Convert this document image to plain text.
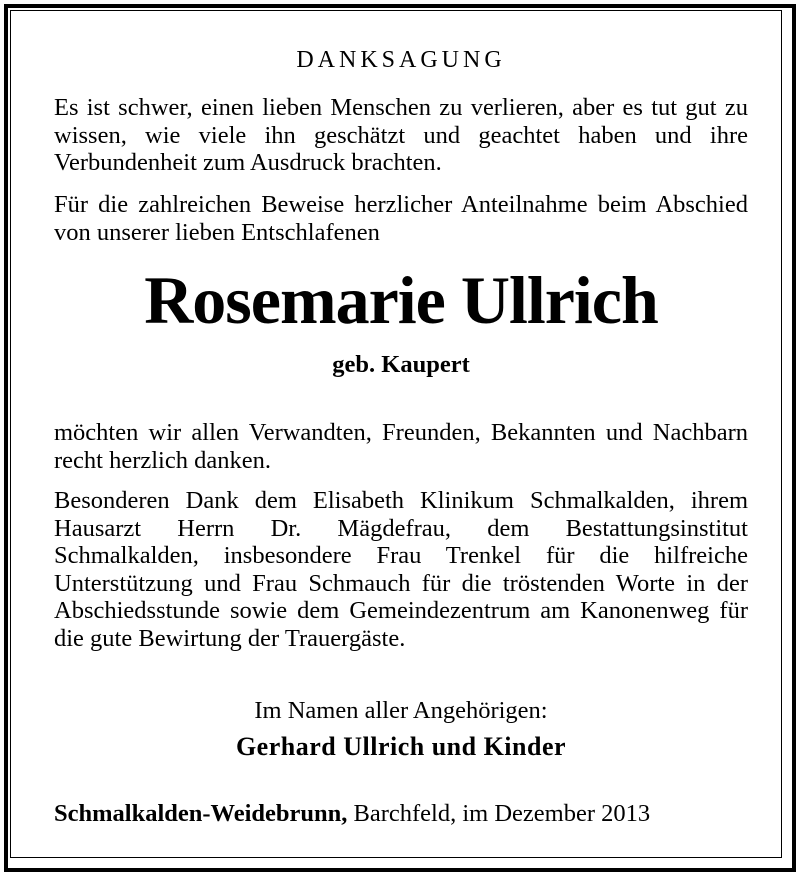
DANKSAGUNG
Es ist schwer, einen lieben Menschen zu verlieren, aber es tut gut zu wissen, wie viele ihn geschätzt und geachtet haben und ihre Verbundenheit zum Ausdruck brachten.
Für die zahlreichen Beweise herzlicher Anteilnahme beim Abschied von unserer lieben Entschlafenen
Rosemarie Ullrich
geb. Kaupert
möchten wir allen Verwandten, Freunden, Bekannten und Nachbarn recht herzlich danken.
Besonderen Dank dem Elisabeth Klinikum Schmalkalden, ihrem Hausarzt Herrn Dr. Mägdefrau, dem Bestattungsinstitut Schmalkalden, insbesondere Frau Trenkel für die hilfreiche Unterstützung und Frau Schmauch für die tröstenden Worte in der Abschiedsstunde sowie dem Gemeindezentrum am Kanonenweg für die gute Bewirtung der Trauergäste.
Im Namen aller Angehörigen:
Gerhard Ullrich und Kinder
Schmalkalden-Weidebrunn, Barchfeld, im Dezember 2013
